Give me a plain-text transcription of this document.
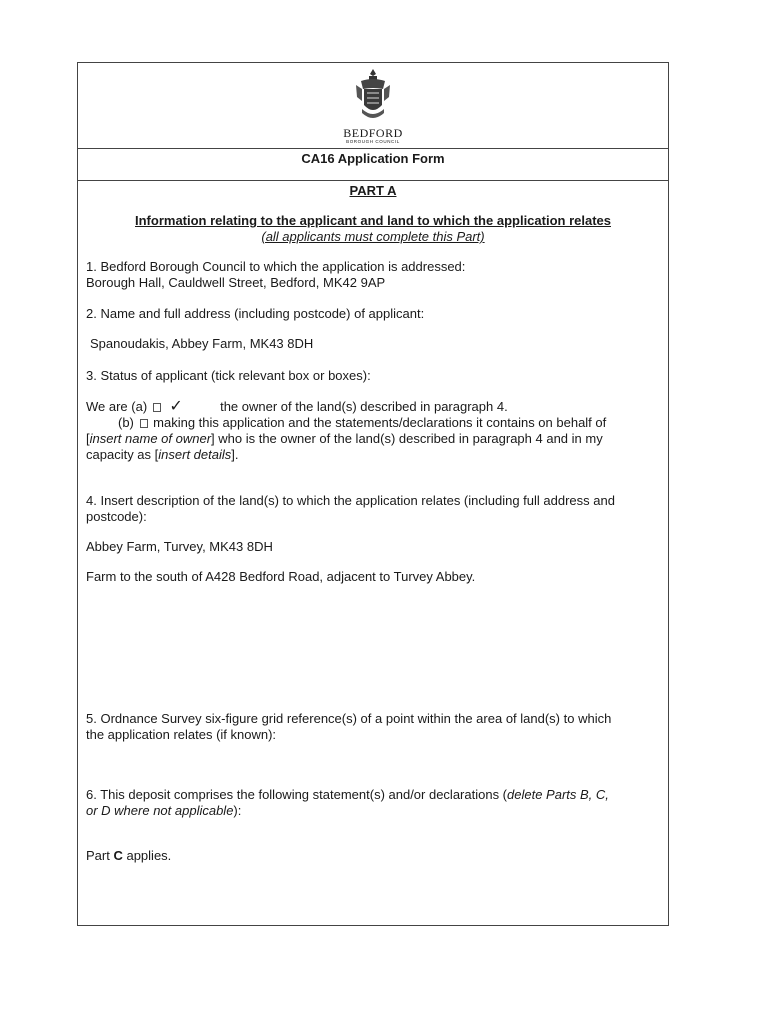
BEDFORD
BOROUGH COUNCIL
CA16 Application Form
PART A
Information relating to the applicant and land to which the application relates
(all applicants must complete this Part)
1. Bedford Borough Council to which the application is addressed:
Borough Hall, Cauldwell Street, Bedford, MK42 9AP
2. Name and full address (including postcode) of applicant:
Spanoudakis, Abbey Farm, MK43 8DH
3. Status of applicant (tick relevant box or boxes):
We are (a) ✓	the owner of the land(s) described in paragraph 4.
(b) making this application and the statements/declarations it contains on behalf of
[insert name of owner] who is the owner of the land(s) described in paragraph 4 and in my
capacity as [insert details].
4. Insert description of the land(s) to which the application relates (including full address and
postcode):
Abbey Farm, Turvey, MK43 8DH
Farm to the south of A428 Bedford Road, adjacent to Turvey Abbey.
5. Ordnance Survey six-figure grid reference(s) of a point within the area of land(s) to which
the application relates (if known):
6. This deposit comprises the following statement(s) and/or declarations (delete Parts B, C,
or D where not applicable):
Part C applies.
